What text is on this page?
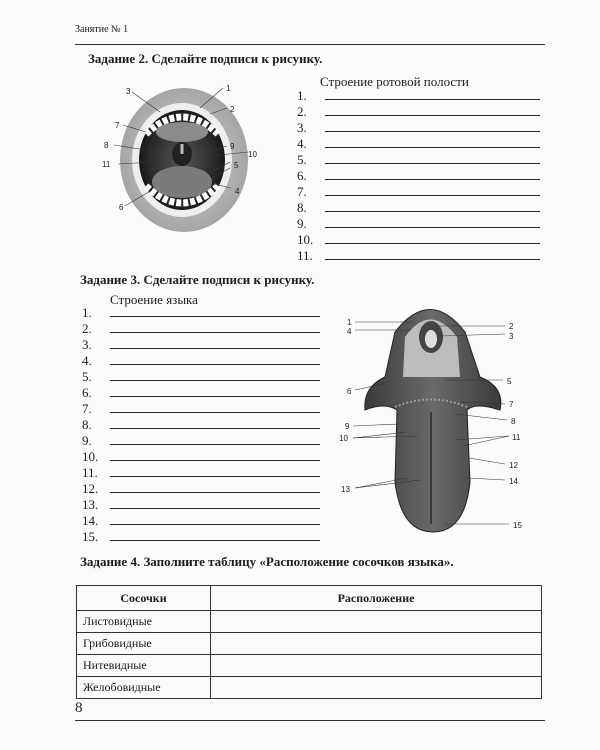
Занятие № 1
Задание 2. Сделайте подписи к рисунку.
1
2
3
4
5
6
7
8	9
10
11
Строение ротовой полости
1.
2.
3.
4.
5.
6.
7.
8.
9.
10.
11.
Задание 3. Сделайте подписи к рисунку.
Строение языка
1.
2.
3.
4.
5.
6.
7.
8.
9.
10.
11.
12.
13.
14.
15.
1	2
3
4
5
6
7
8
9
10	11
12
14
13
15
Задание 4. Заполните таблицу «Расположение сосочков языка».
Сосочки	Расположение
Листовидные	
Грибовидные	
Нитевидные	
Желобовидные	
8
